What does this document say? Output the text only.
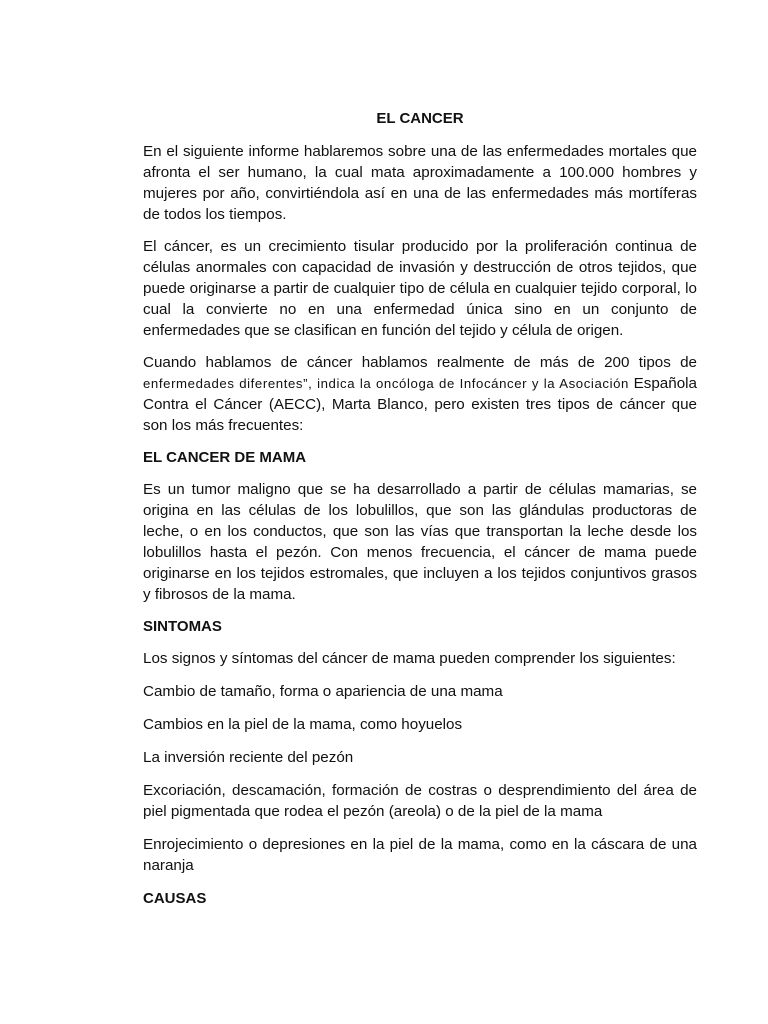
EL CANCER

En el siguiente informe hablaremos sobre una de las enfermedades mortales que afronta el ser humano, la cual mata aproximadamente a 100.000 hombres y mujeres por año, convirtiéndola así en una de las enfermedades más mortíferas de todos los tiempos.

El cáncer, es un crecimiento tisular producido por la proliferación continua de células anormales con capacidad de invasión y destrucción de otros tejidos, que puede originarse a partir de cualquier tipo de célula en cualquier tejido corporal, lo cual la convierte no en una enfermedad única sino en un conjunto de enfermedades que se clasifican en función del tejido y célula de origen.

Cuando hablamos de cáncer hablamos realmente de más de 200 tipos de enfermedades diferentes”, indica la oncóloga de Infocáncer y la Asociación Española Contra el Cáncer (AECC), Marta Blanco, pero existen tres tipos de cáncer que son los más frecuentes:

EL CANCER DE MAMA

Es un tumor maligno que se ha desarrollado a partir de células mamarias, se origina en las células de los lobulillos, que son las glándulas productoras de leche, o en los conductos, que son las vías que transportan la leche desde los lobulillos hasta el pezón. Con menos frecuencia, el cáncer de mama puede originarse en los tejidos estromales, que incluyen a los tejidos conjuntivos grasos y fibrosos de la mama.

SINTOMAS

Los signos y síntomas del cáncer de mama pueden comprender los siguientes:

Cambio de tamaño, forma o apariencia de una mama

Cambios en la piel de la mama, como hoyuelos

La inversión reciente del pezón

Excoriación, descamación, formación de costras o desprendimiento del área de piel pigmentada que rodea el pezón (areola) o de la piel de la mama

Enrojecimiento o depresiones en la piel de la mama, como en la cáscara de una naranja

CAUSAS
